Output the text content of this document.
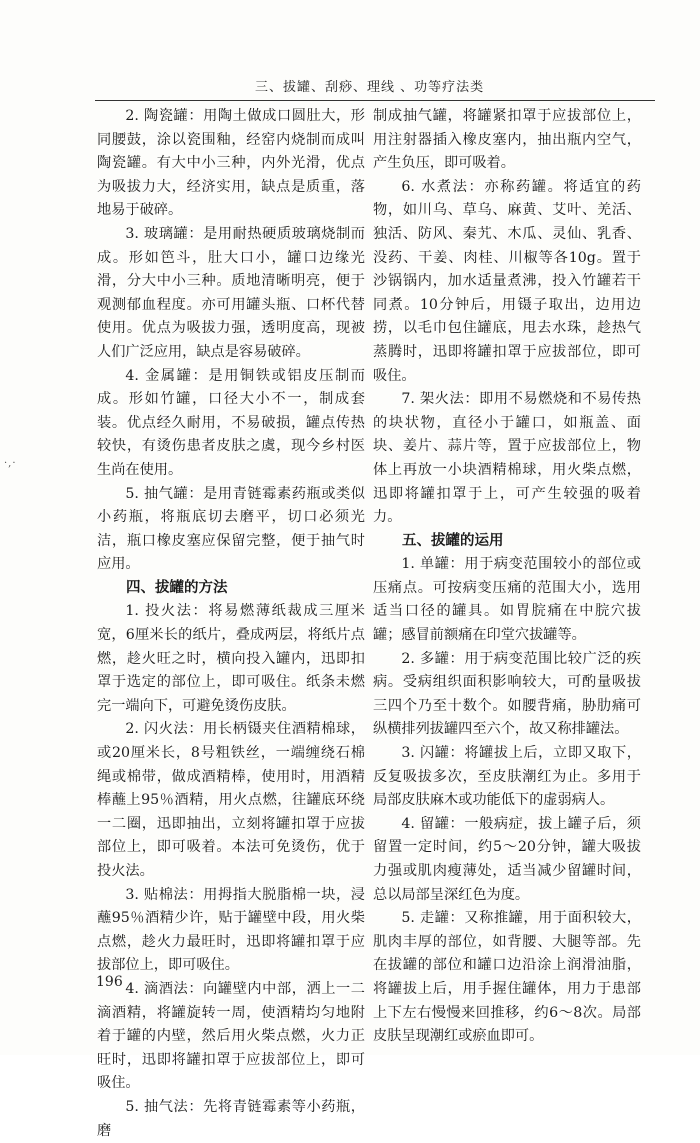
三、拔罐、刮痧、理线 、功等疗法类
·,·

2. 陶瓷罐：用陶土做成口圆肚大，形同腰鼓，涂以瓷围釉，经窑内烧制而成叫陶瓷罐。有大中小三种，内外光滑，优点为吸拔力大，经济实用，缺点是质重，落地易于破碎。

3. 玻璃罐：是用耐热硬质玻璃烧制而成。形如笆斗，肚大口小，罐口边缘光滑，分大中小三种。质地清晰明亮，便于观测郁血程度。亦可用罐头瓶、口杯代替使用。优点为吸拔力强，透明度高，现被人们广泛应用，缺点是容易破碎。

4. 金属罐：是用铜铁或铝皮压制而成。形如竹罐，口径大小不一，制成套装。优点经久耐用，不易破损，罐点传热较快，有烫伤患者皮肤之虞，现今乡村医生尚在使用。

5. 抽气罐：是用青链霉素药瓶或类似小药瓶，将瓶底切去磨平，切口必须光洁，瓶口橡皮塞应保留完整，便于抽气时应用。

四、拔罐的方法

1. 投火法：将易燃薄纸裁成三厘米宽，6厘米长的纸片，叠成两层，将纸片点燃，趁火旺之时，横向投入罐内，迅即扣罩于选定的部位上，即可吸住。纸条未燃完一端向下，可避免烫伤皮肤。

2. 闪火法：用长柄镊夹住酒精棉球，或20厘米长，8号粗铁丝，一端缠绕石棉绳或棉带，做成酒精棒，使用时，用酒精棒蘸上95％酒精，用火点燃，往罐底环绕一二圈，迅即抽出，立刻将罐扣罩于应拔部位上，即可吸着。本法可免烫伤，优于投火法。

3. 贴棉法：用拇指大脱脂棉一块，浸蘸95％酒精少许，贴于罐壁中段，用火柴点燃，趁火力最旺时，迅即将罐扣罩于应拔部位上，即可吸住。

4. 滴酒法：向罐壁内中部，洒上一二滴酒精，将罐旋转一周，使酒精均匀地附着于罐的内壁，然后用火柴点燃，火力正旺时，迅即将罐扣罩于应拔部位上，即可吸住。

5. 抽气法：先将青链霉素等小药瓶，磨

制成抽气罐，将罐紧扣罩于应拔部位上，用注射器插入橡皮塞内，抽出瓶内空气，产生负压，即可吸着。

6. 水煮法：亦称药罐。将适宜的药物，如川乌、草乌、麻黄、艾叶、羌活、独活、防风、秦艽、木瓜、灵仙、乳香、没药、干姜、肉桂、川椒等各10g。置于沙锅锅内，加水适量煮沸，投入竹罐若干同煮。10分钟后，用镊子取出，边用边捞，以毛巾包住罐底，甩去水珠，趁热气蒸腾时，迅即将罐扣罩于应拔部位，即可吸住。

7. 架火法：即用不易燃烧和不易传热的块状物，直径小于罐口，如瓶盖、面块、姜片、蒜片等，置于应拔部位上，物体上再放一小块酒精棉球，用火柴点燃，迅即将罐扣罩于上，可产生较强的吸着力。

五、拔罐的运用

1. 单罐：用于病变范围较小的部位或压痛点。可按病变压痛的范围大小，选用适当口径的罐具。如胃脘痛在中脘穴拔罐；感冒前额痛在印堂穴拔罐等。

2. 多罐：用于病变范围比较广泛的疾病。受病组织面积影响较大，可酌量吸拔三四个乃至十数个。如腰背痛，胁肋痛可纵横排列拔罐四至六个，故又称排罐法。

3. 闪罐：将罐拔上后，立即又取下，反复吸拔多次，至皮肤潮红为止。多用于局部皮肤麻木或功能低下的虚弱病人。

4. 留罐：一般病症，拔上罐子后，须留置一定时间，约5～20分钟，罐大吸拔力强或肌肉瘦薄处，适当减少留罐时间，总以局部呈深红色为度。

5. 走罐：又称推罐，用于面积较大，肌肉丰厚的部位，如背腰、大腿等部。先在拔罐的部位和罐口边沿涂上润滑油脂，将罐拔上后，用手握住罐体，用力于患部上下左右慢慢来回推移，约6～8次。局部皮肤呈现潮红或瘀血即可。

196
